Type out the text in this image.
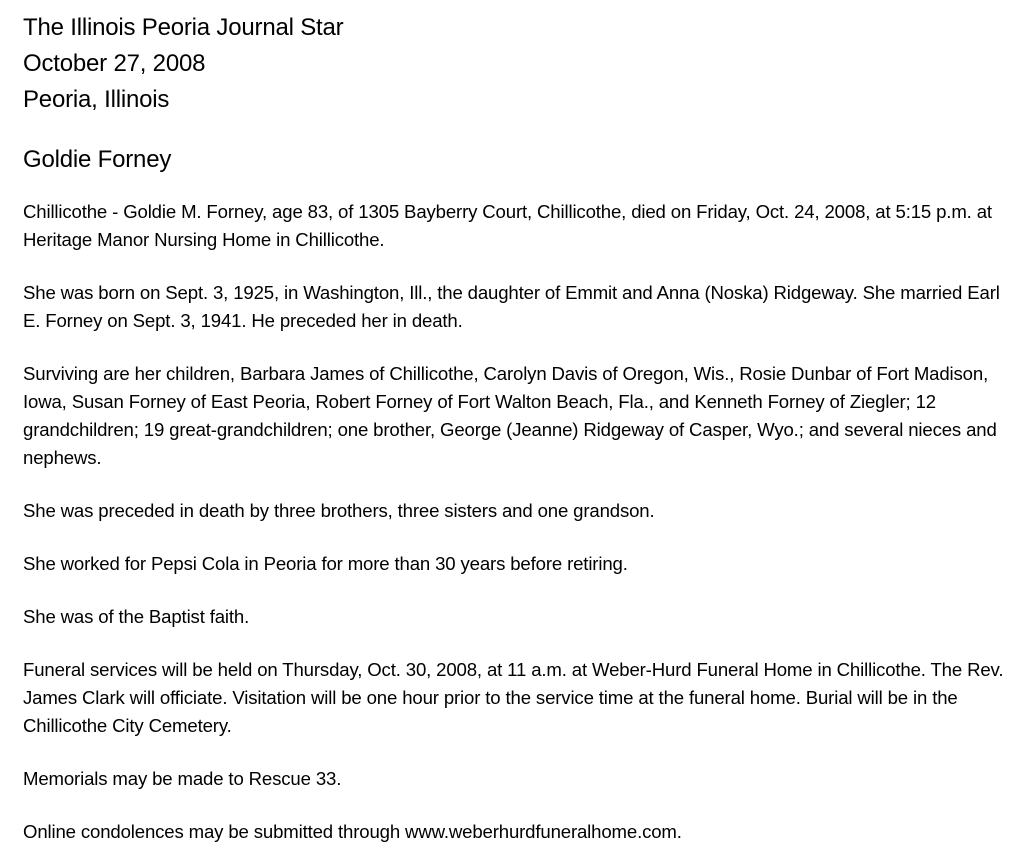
The Illinois Peoria Journal Star

October 27, 2008

Peoria, Illinois

Goldie Forney

Chillicothe - Goldie M. Forney, age 83, of 1305 Bayberry Court, Chillicothe, died on Friday, Oct. 24, 2008, at 5:15 p.m. at Heritage Manor Nursing Home in Chillicothe.

She was born on Sept. 3, 1925, in Washington, Ill., the daughter of Emmit and Anna (Noska) Ridgeway. She married Earl E. Forney on Sept. 3, 1941. He preceded her in death.

Surviving are her children, Barbara James of Chillicothe, Carolyn Davis of Oregon, Wis., Rosie Dunbar of Fort Madison, Iowa, Susan Forney of East Peoria, Robert Forney of Fort Walton Beach, Fla., and Kenneth Forney of Ziegler; 12 grandchildren; 19 great-grandchildren; one brother, George (Jeanne) Ridgeway of Casper, Wyo.; and several nieces and nephews.

She was preceded in death by three brothers, three sisters and one grandson.

She worked for Pepsi Cola in Peoria for more than 30 years before retiring.

She was of the Baptist faith.

Funeral services will be held on Thursday, Oct. 30, 2008, at 11 a.m. at Weber-Hurd Funeral Home in Chillicothe. The Rev. James Clark will officiate. Visitation will be one hour prior to the service time at the funeral home. Burial will be in the Chillicothe City Cemetery.

Memorials may be made to Rescue 33.

Online condolences may be submitted through www.weberhurdfuneralhome.com.
